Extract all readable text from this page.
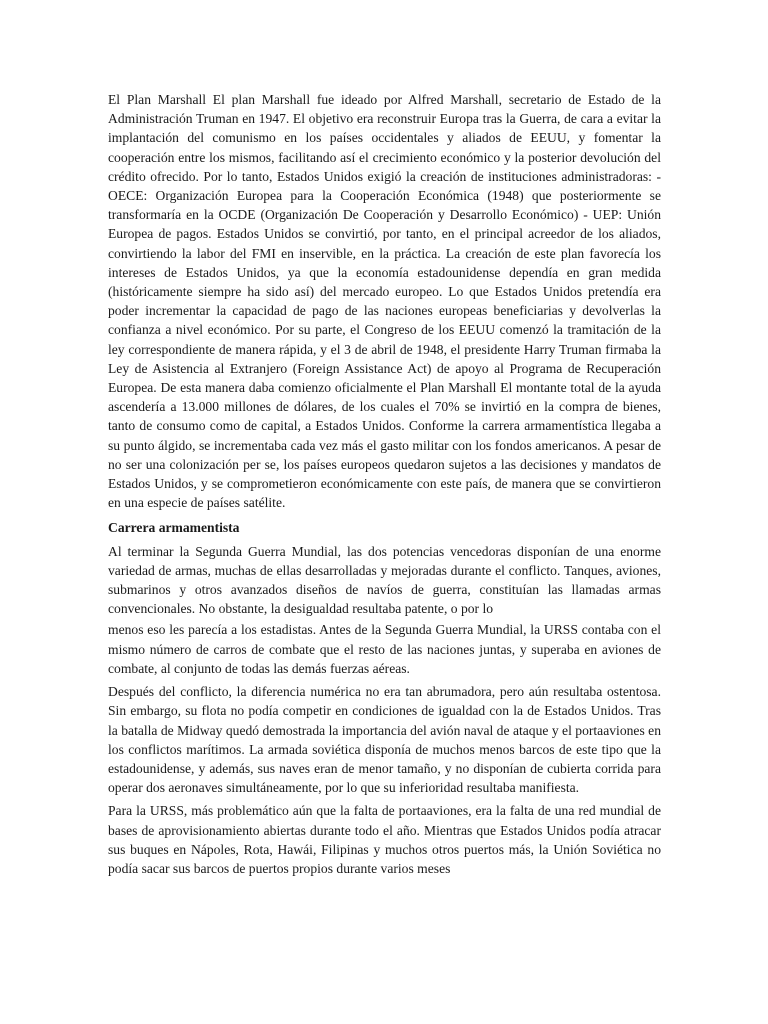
El Plan Marshall El plan Marshall fue ideado por Alfred Marshall, secretario de Estado de la Administración Truman en 1947. El objetivo era reconstruir Europa tras la Guerra, de cara a evitar la implantación del comunismo en los países occidentales y aliados de EEUU, y fomentar la cooperación entre los mismos, facilitando así el crecimiento económico y la posterior devolución del crédito ofrecido. Por lo tanto, Estados Unidos exigió la creación de instituciones administradoras: - OECE: Organización Europea para la Cooperación Económica (1948) que posteriormente se transformaría en la OCDE (Organización De Cooperación y Desarrollo Económico) - UEP: Unión Europea de pagos. Estados Unidos se convirtió, por tanto, en el principal acreedor de los aliados, convirtiendo la labor del FMI en inservible, en la práctica. La creación de este plan favorecía los intereses de Estados Unidos, ya que la economía estadounidense dependía en gran medida (históricamente siempre ha sido así) del mercado europeo. Lo que Estados Unidos pretendía era poder incrementar la capacidad de pago de las naciones europeas beneficiarias y devolverlas la confianza a nivel económico. Por su parte, el Congreso de los EEUU comenzó la tramitación de la ley correspondiente de manera rápida, y el 3 de abril de 1948, el presidente Harry Truman firmaba la Ley de Asistencia al Extranjero (Foreign Assistance Act) de apoyo al Programa de Recuperación Europea. De esta manera daba comienzo oficialmente el Plan Marshall El montante total de la ayuda ascendería a 13.000 millones de dólares, de los cuales el 70% se invirtió en la compra de bienes, tanto de consumo como de capital, a Estados Unidos. Conforme la carrera armamentística llegaba a su punto álgido, se incrementaba cada vez más el gasto militar con los fondos americanos. A pesar de no ser una colonización per se, los países europeos quedaron sujetos a las decisiones y mandatos de Estados Unidos, y se comprometieron económicamente con este país, de manera que se convirtieron en una especie de países satélite.

Carrera armamentista

Al terminar la Segunda Guerra Mundial, las dos potencias vencedoras disponían de una enorme variedad de armas, muchas de ellas desarrolladas y mejoradas durante el conflicto. Tanques, aviones, submarinos y otros avanzados diseños de navíos de guerra, constituían las llamadas armas convencionales. No obstante, la desigualdad resultaba patente, o por lo

menos eso les parecía a los estadistas. Antes de la Segunda Guerra Mundial, la URSS contaba con el mismo número de carros de combate que el resto de las naciones juntas, y superaba en aviones de combate, al conjunto de todas las demás fuerzas aéreas.

Después del conflicto, la diferencia numérica no era tan abrumadora, pero aún resultaba ostentosa. Sin embargo, su flota no podía competir en condiciones de igualdad con la de Estados Unidos. Tras la batalla de Midway quedó demostrada la importancia del avión naval de ataque y el portaaviones en los conflictos marítimos. La armada soviética disponía de muchos menos barcos de este tipo que la estadounidense, y además, sus naves eran de menor tamaño, y no disponían de cubierta corrida para operar dos aeronaves simultáneamente, por lo que su inferioridad resultaba manifiesta.

Para la URSS, más problemático aún que la falta de portaaviones, era la falta de una red mundial de bases de aprovisionamiento abiertas durante todo el año. Mientras que Estados Unidos podía atracar sus buques en Nápoles, Rota, Hawái, Filipinas y muchos otros puertos más, la Unión Soviética no podía sacar sus barcos de puertos propios durante varios meses
